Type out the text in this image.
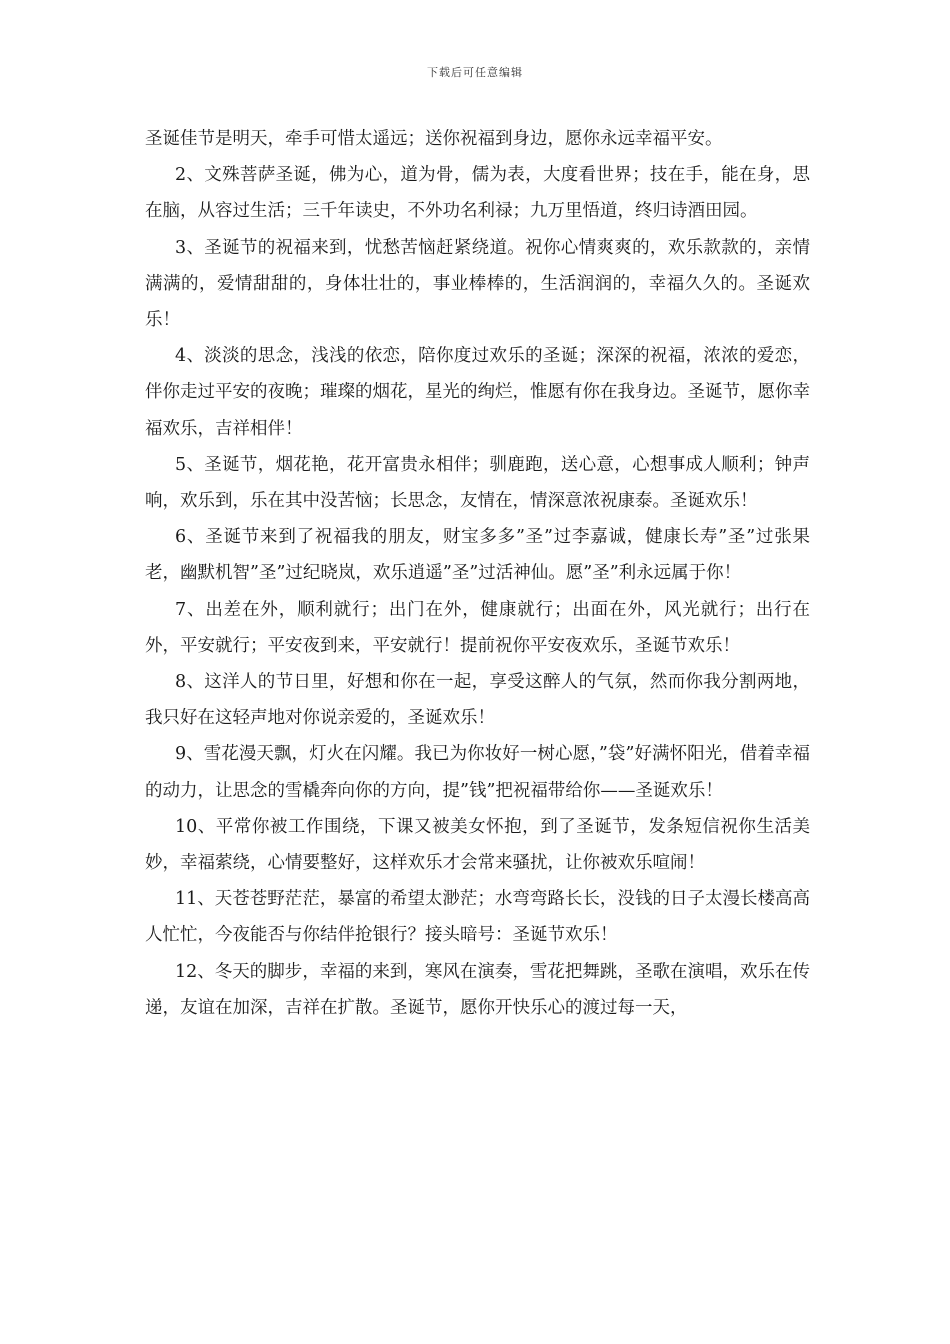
下载后可任意编辑

圣诞佳节是明天，牵手可惜太遥远；送你祝福到身边，愿你永远幸福平安。

2、文殊菩萨圣诞，佛为心，道为骨，儒为表，大度看世界；技在手，能在身，思在脑，从容过生活；三千年读史，不外功名利禄；九万里悟道，终归诗酒田园。

3、圣诞节的祝福来到，忧愁苦恼赶紧绕道。祝你心情爽爽的，欢乐款款的，亲情满满的，爱情甜甜的，身体壮壮的，事业棒棒的，生活润润的，幸福久久的。圣诞欢乐！

4、淡淡的思念，浅浅的依恋，陪你度过欢乐的圣诞；深深的祝福，浓浓的爱恋，伴你走过平安的夜晚；璀璨的烟花，星光的绚烂，惟愿有你在我身边。圣诞节，愿你幸福欢乐，吉祥相伴！

5、圣诞节，烟花艳，花开富贵永相伴；驯鹿跑，送心意，心想事成人顺利；钟声响，欢乐到，乐在其中没苦恼；长思念，友情在，情深意浓祝康泰。圣诞欢乐！

6、圣诞节来到了祝福我的朋友，财宝多多”圣”过李嘉诚，健康长寿”圣”过张果老，幽默机智”圣”过纪晓岚，欢乐逍遥”圣”过活神仙。愿”圣”利永远属于你！

7、出差在外，顺利就行；出门在外，健康就行；出面在外，风光就行；出行在外，平安就行；平安夜到来，平安就行！提前祝你平安夜欢乐，圣诞节欢乐！

8、这洋人的节日里，好想和你在一起，享受这醉人的气氛，然而你我分割两地，我只好在这轻声地对你说亲爱的，圣诞欢乐！

9、雪花漫天飘，灯火在闪耀。我已为你妆好一树心愿，”袋”好满怀阳光，借着幸福的动力，让思念的雪橇奔向你的方向，提”钱”把祝福带给你——圣诞欢乐！

10、平常你被工作围绕，下课又被美女怀抱，到了圣诞节，发条短信祝你生活美妙，幸福萦绕，心情要整好，这样欢乐才会常来骚扰，让你被欢乐喧闹！

11、天苍苍野茫茫，暴富的希望太渺茫；水弯弯路长长，没钱的日子太漫长楼高高人忙忙，今夜能否与你结伴抢银行？接头暗号：圣诞节欢乐！

12、冬天的脚步，幸福的来到，寒风在演奏，雪花把舞跳，圣歌在演唱，欢乐在传递，友谊在加深，吉祥在扩散。圣诞节，愿你开快乐心的渡过每一天，
